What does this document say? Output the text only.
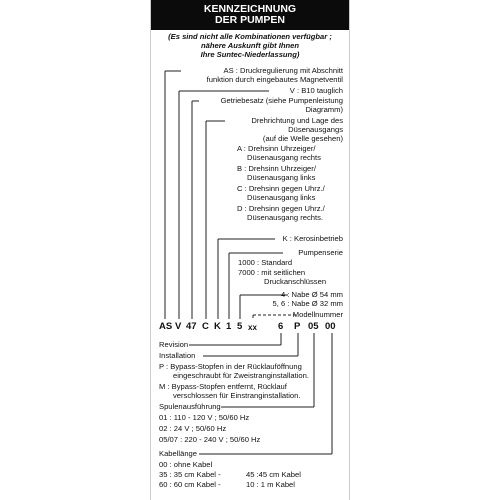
KENNZEICHNUNG
DER PUMPEN
(Es sind nicht alle Kombinationen verfügbar ;
nähere Auskunft gibt Ihnen
Ihre Suntec-Niederlassung)
AS : Druckregulierung mit Abschnitt
funktion durch eingebautes Magnetventil
V : B10 tauglich
Getriebesatz (siehe Pumpenleistung
Diagramm)
Drehrichtung und Lage des
Düsenausgangs
(auf die Welle gesehen)
A : Drehsinn Uhrzeiger/
Düsenausgang rechts
B : Drehsinn Uhrzeiger/
Düsenausgang links
C : Drehsinn gegen Uhrz./
Düsenausgang links
D : Drehsinn gegen Uhrz./
Düsenausgang rechts.
K : Kerosinbetrieb
Pumpenserie
1000 : Standard
7000 : mit seitlichen
Druckanschlüssen
4 : Nabe Ø 54 mm
5, 6 : Nabe Ø 32 mm
Modellnummer
AS V 47 C K 1 5 xx 6 P 05 00
Revision
Installation
P : Bypass-Stopfen in der Rücklauföffnung
eingeschraubt für Zweistranginstallation.
M : Bypass-Stopfen entfernt, Rücklauf
verschlossen für Einstranginstallation.
Spulenausführung
01 : 110 - 120 V ; 50/60 Hz
02 : 24 V ; 50/60 Hz
05/07 : 220 - 240 V ; 50/60 Hz
Kabellänge
00 : ohne Kabel
35 : 35 cm Kabel -	45 :45 cm Kabel
60 : 60 cm Kabel -	10 : 1 m Kabel
